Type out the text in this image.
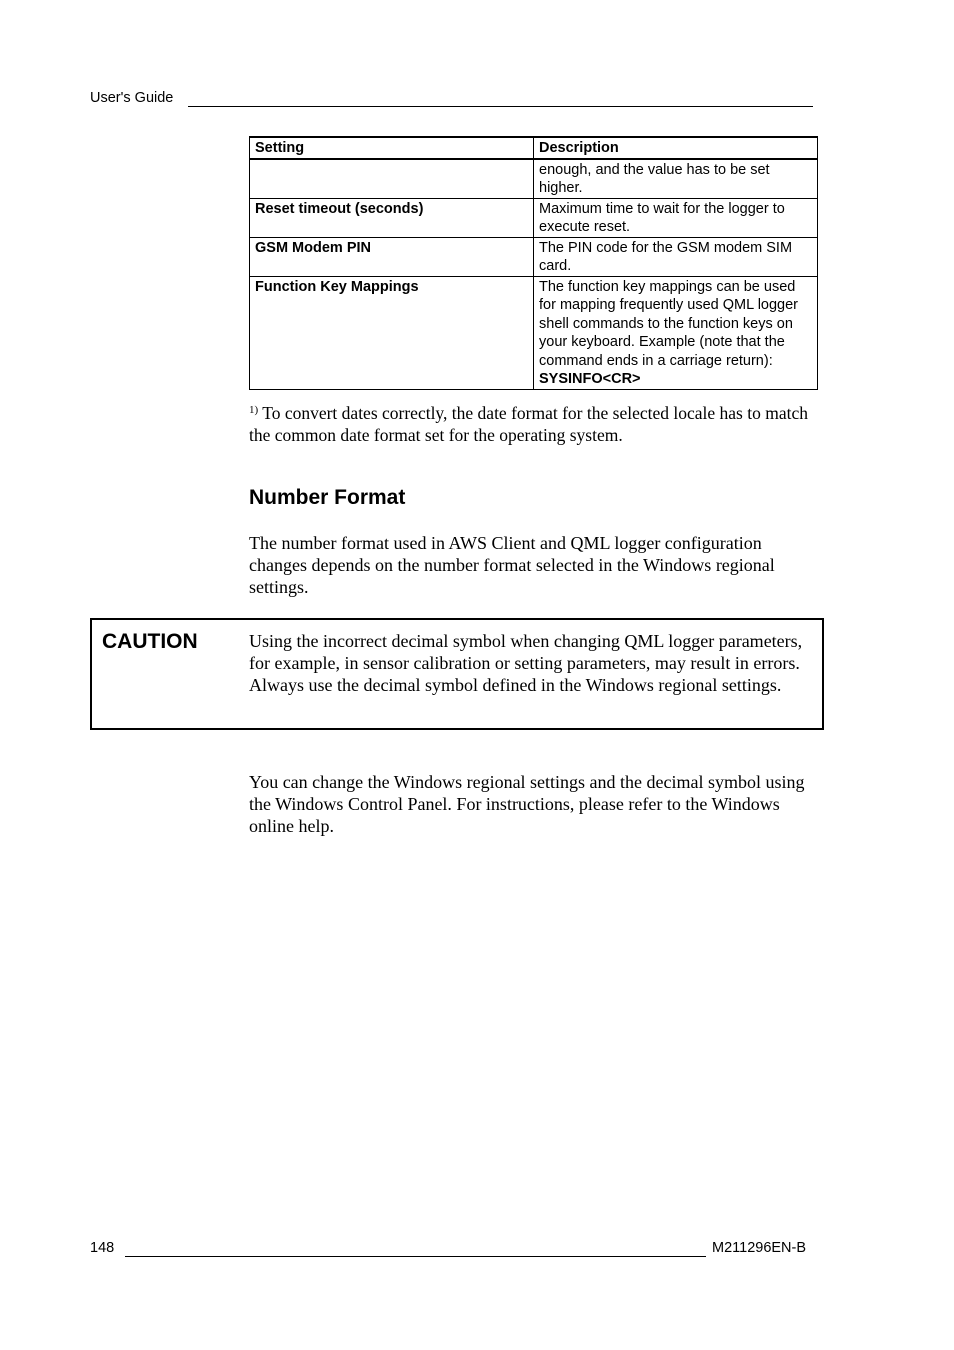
User's Guide
Setting	Description
	enough, and the value has to be set higher.
Reset timeout (seconds)	Maximum time to wait for the logger to execute reset.
GSM Modem PIN	The PIN code for the GSM modem SIM card.
Function Key Mappings	The function key mappings can be used for mapping frequently used QML logger shell commands to the function keys on your keyboard. Example (note that the command ends in a carriage return):
SYSINFO<CR>
$^{1)}$ To convert dates correctly, the date format for the selected locale has to match the common date format set for the operating system.
Number Format
The number format used in AWS Client and QML logger configuration changes depends on the number format selected in the Windows regional settings.
CAUTION	Using the incorrect decimal symbol when changing QML logger parameters, for example, in sensor calibration or setting parameters, may result in errors. Always use the decimal symbol defined in the Windows regional settings.
You can change the Windows regional settings and the decimal symbol using the Windows Control Panel. For instructions, please refer to the Windows online help.
148	M211296EN-B
